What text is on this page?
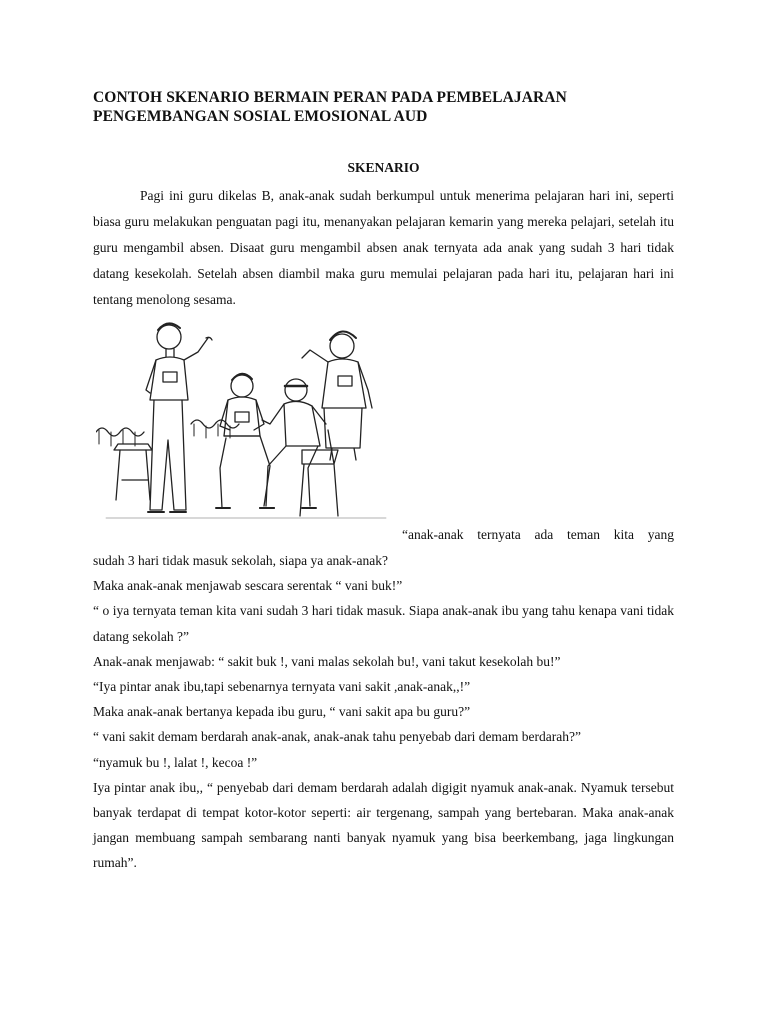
CONTOH SKENARIO BERMAIN PERAN PADA PEMBELAJARAN

PENGEMBANGAN SOSIAL EMOSIONAL AUD

SKENARIO

Pagi ini guru dikelas B, anak-anak sudah berkumpul untuk menerima pelajaran hari ini, seperti biasa guru melakukan penguatan pagi itu, menanyakan pelajaran kemarin yang mereka pelajari, setelah itu guru mengambil absen. Disaat guru mengambil absen anak ternyata ada anak yang sudah 3 hari tidak datang kesekolah. Setelah absen diambil maka guru memulai pelajaran pada hari itu, pelajaran hari ini tentang menolong sesama.

“anak-anak ternyata ada teman kita yang

sudah 3 hari tidak masuk sekolah, siapa ya anak-anak?

Maka anak-anak menjawab sescara serentak “ vani buk!”

“ o iya ternyata teman kita vani sudah 3 hari tidak masuk. Siapa anak-anak ibu yang tahu kenapa vani tidak datang sekolah ?”

Anak-anak menjawab: “ sakit buk !, vani malas sekolah bu!, vani takut kesekolah bu!”

“Iya pintar anak ibu,tapi sebenarnya ternyata vani sakit ,anak-anak,,!”

Maka anak-anak bertanya kepada ibu guru, “ vani sakit apa bu guru?”

“ vani sakit demam berdarah anak-anak, anak-anak tahu penyebab dari demam berdarah?”

“nyamuk bu !, lalat !, kecoa !”

Iya pintar anak ibu,, “ penyebab dari demam berdarah adalah digigit nyamuk anak-anak. Nyamuk tersebut banyak terdapat di tempat kotor-kotor seperti: air tergenang, sampah yang bertebaran. Maka anak-anak jangan membuang sampah sembarang nanti banyak nyamuk yang bisa beerkembang, jaga lingkungan rumah”.
